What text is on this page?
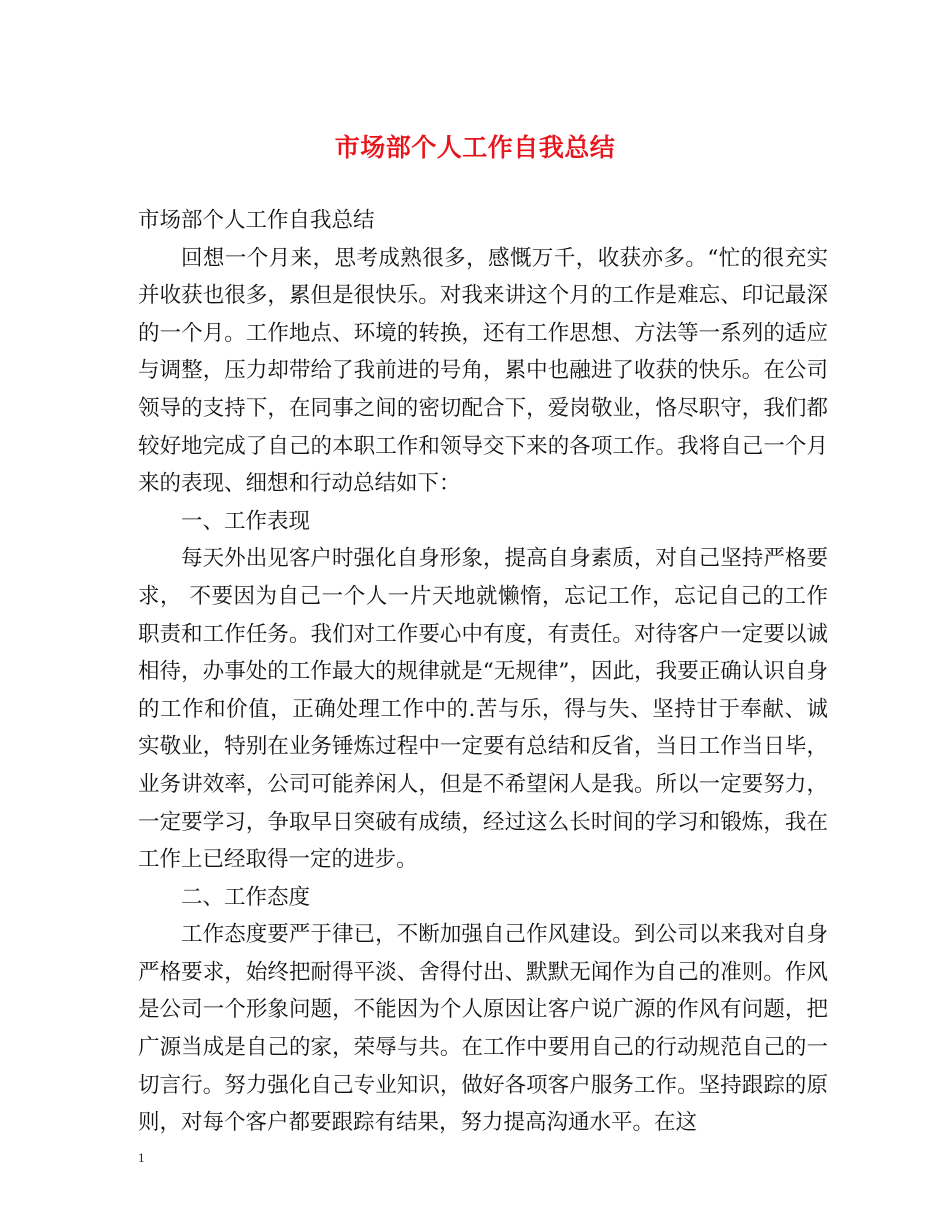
市场部个人工作自我总结

市场部个人工作自我总结

回想一个月来，思考成熟很多，感慨万千，收获亦多。“忙的很充实并收获也很多，累但是很快乐。对我来讲这个月的工作是难忘、印记最深的一个月。工作地点、环境的转换，还有工作思想、方法等一系列的适应与调整，压力却带给了我前进的号角，累中也融进了收获的快乐。在公司领导的支持下，在同事之间的密切配合下，爱岗敬业，恪尽职守，我们都较好地完成了自己的本职工作和领导交下来的各项工作。我将自己一个月来的表现、细想和行动总结如下：

一、工作表现

每天外出见客户时强化自身形象，提高自身素质，对自己坚持严格要求， 不要因为自己一个人一片天地就懒惰，忘记工作，忘记自己的工作职责和工作任务。我们对工作要心中有度，有责任。对待客户一定要以诚相待，办事处的工作最大的规律就是“无规律”，因此，我要正确认识自身的工作和价值，正确处理工作中的.苦与乐，得与失、坚持甘于奉献、诚实敬业，特别在业务锤炼过程中一定要有总结和反省，当日工作当日毕，业务讲效率，公司可能养闲人，但是不希望闲人是我。所以一定要努力，一定要学习，争取早日突破有成绩，经过这么长时间的学习和锻炼，我在工作上已经取得一定的进步。

二、工作态度

工作态度要严于律已，不断加强自己作风建设。到公司以来我对自身严格要求，始终把耐得平淡、舍得付出、默默无闻作为自己的准则。作风是公司一个形象问题，不能因为个人原因让客户说广源的作风有问题，把广源当成是自己的家，荣辱与共。在工作中要用自己的行动规范自己的一切言行。努力强化自己专业知识，做好各项客户服务工作。坚持跟踪的原则，对每个客户都要跟踪有结果，努力提高沟通水平。在这

1
